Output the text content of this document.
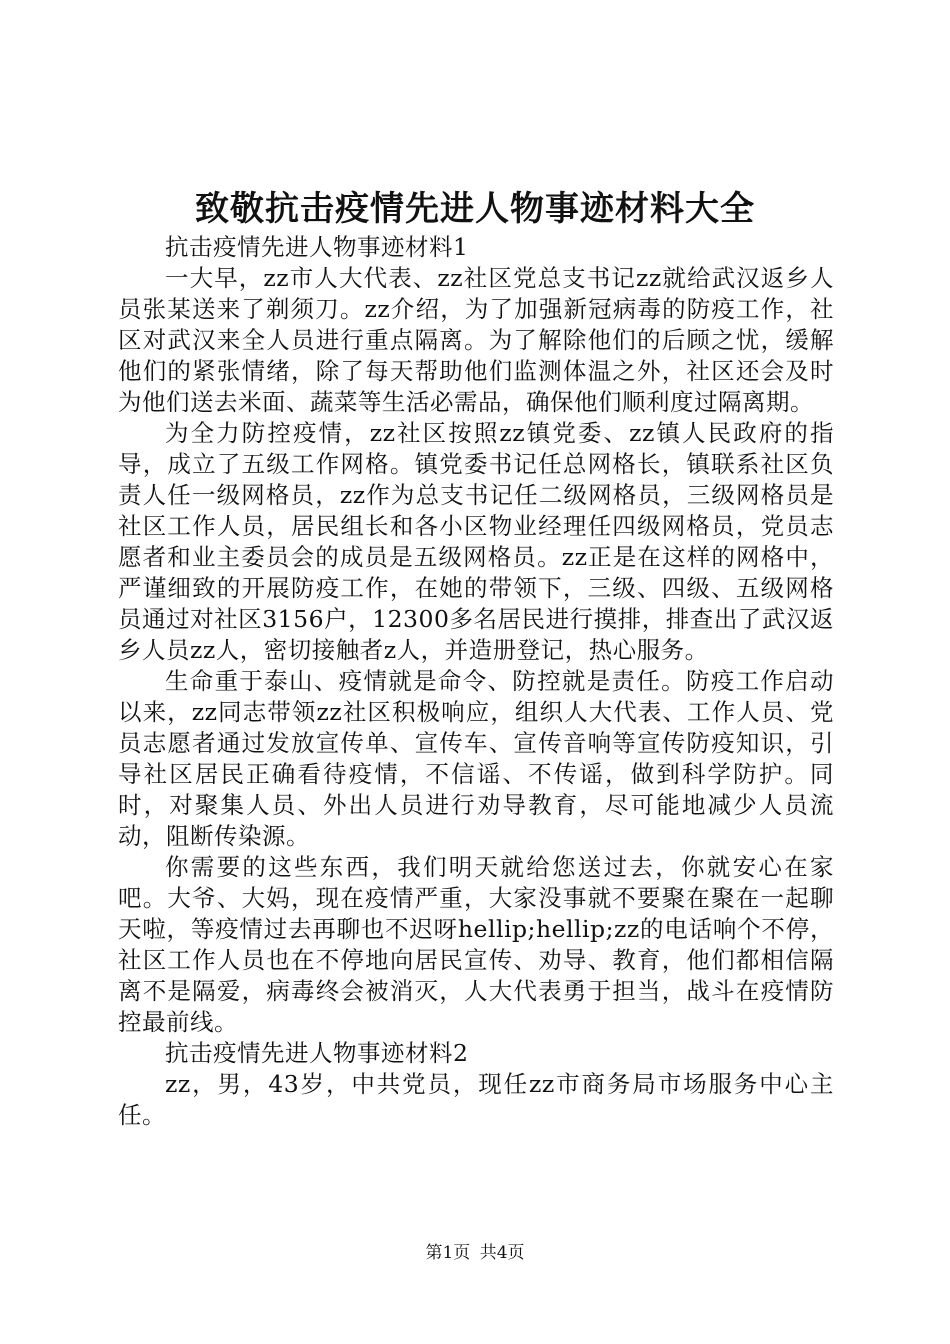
致敬抗击疫情先进人物事迹材料大全

抗击疫情先进人物事迹材料1

一大早，zz市人大代表、zz社区党总支书记zz就给武汉返乡人员张某送来了剃须刀。zz介绍，为了加强新冠病毒的防疫工作，社区对武汉来全人员进行重点隔离。为了解除他们的后顾之忧，缓解他们的紧张情绪，除了每天帮助他们监测体温之外，社区还会及时为他们送去米面、蔬菜等生活必需品，确保他们顺利度过隔离期。

为全力防控疫情，zz社区按照zz镇党委、zz镇人民政府的指导，成立了五级工作网格。镇党委书记任总网格长，镇联系社区负责人任一级网格员，zz作为总支书记任二级网格员，三级网格员是社区工作人员，居民组长和各小区物业经理任四级网格员，党员志愿者和业主委员会的成员是五级网格员。zz正是在这样的网格中，严谨细致的开展防疫工作，在她的带领下，三级、四级、五级网格员通过对社区3156户，12300多名居民进行摸排，排查出了武汉返乡人员zz人，密切接触者z人，并造册登记，热心服务。

生命重于泰山、疫情就是命令、防控就是责任。防疫工作启动以来，zz同志带领zz社区积极响应，组织人大代表、工作人员、党员志愿者通过发放宣传单、宣传车、宣传音响等宣传防疫知识，引导社区居民正确看待疫情，不信谣、不传谣，做到科学防护。同时，对聚集人员、外出人员进行劝导教育，尽可能地减少人员流动，阻断传染源。

你需要的这些东西，我们明天就给您送过去，你就安心在家吧。大爷、大妈，现在疫情严重，大家没事就不要聚在聚在一起聊天啦，等疫情过去再聊也不迟呀hellip;hellip;zz的电话响个不停，社区工作人员也在不停地向居民宣传、劝导、教育，他们都相信隔离不是隔爱，病毒终会被消灭，人大代表勇于担当，战斗在疫情防控最前线。

抗击疫情先进人物事迹材料2

zz，男，43岁，中共党员，现任zz市商务局市场服务中心主任。

第1页 共4页
